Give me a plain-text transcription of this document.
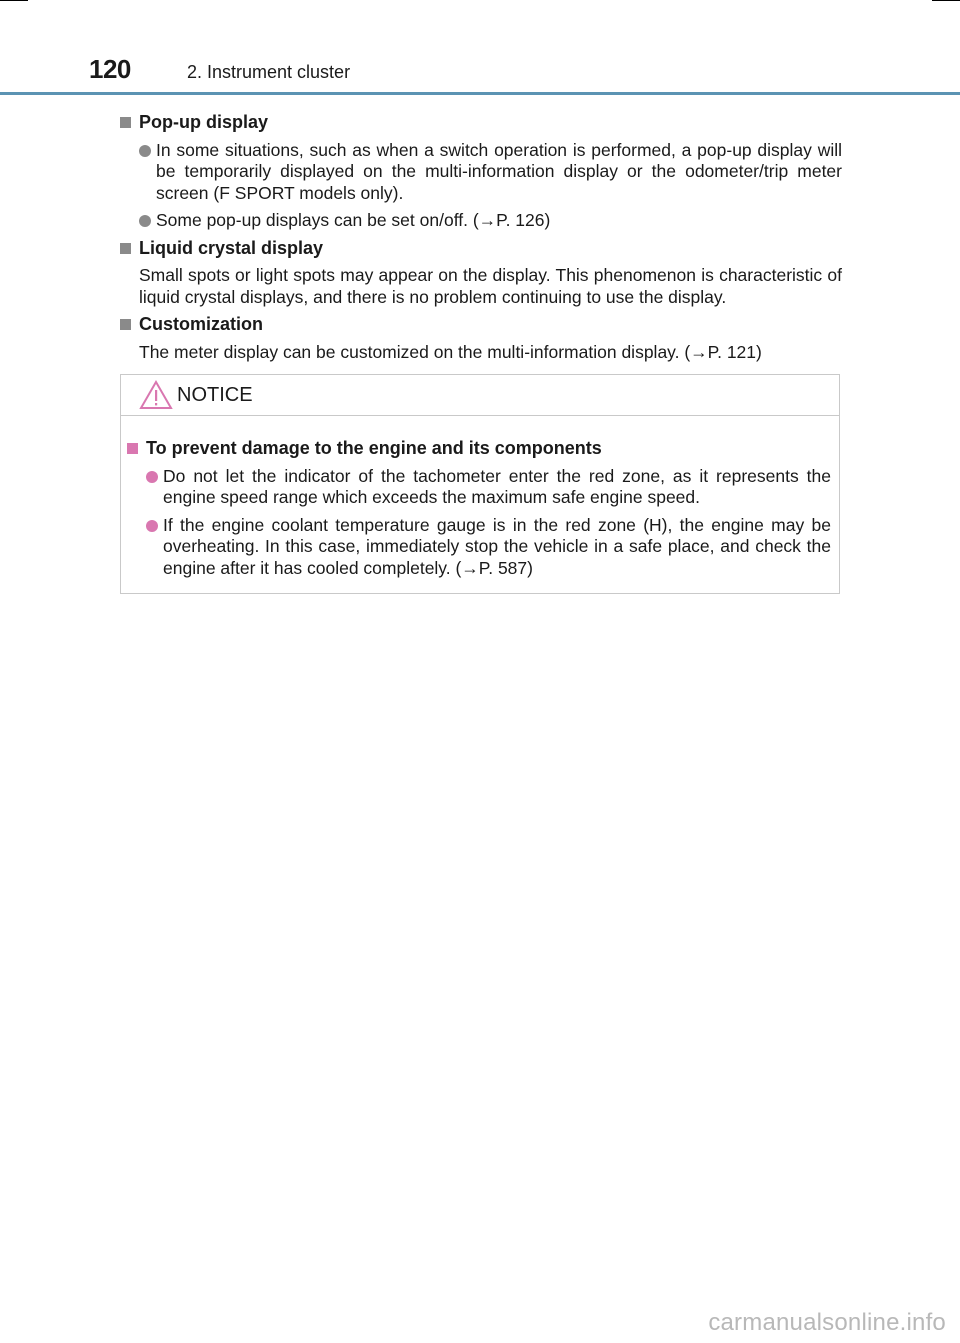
120	2. Instrument cluster
Pop-up display
In some situations, such as when a switch operation is performed, a pop-up display will be temporarily displayed on the multi-information display or the odometer/trip meter screen (F SPORT models only).
Some pop-up displays can be set on/off. (→P. 126)
Liquid crystal display
Small spots or light spots may appear on the display. This phenomenon is characteristic of liquid crystal displays, and there is no problem continuing to use the display.
Customization
The meter display can be customized on the multi-information display. (→P. 121)
NOTICE
To prevent damage to the engine and its components
Do not let the indicator of the tachometer enter the red zone, as it represents the engine speed range which exceeds the maximum safe engine speed.
If the engine coolant temperature gauge is in the red zone (H), the engine may be overheating. In this case, immediately stop the vehicle in a safe place, and check the engine after it has cooled completely. (→P. 587)
carmanualsonline.info
